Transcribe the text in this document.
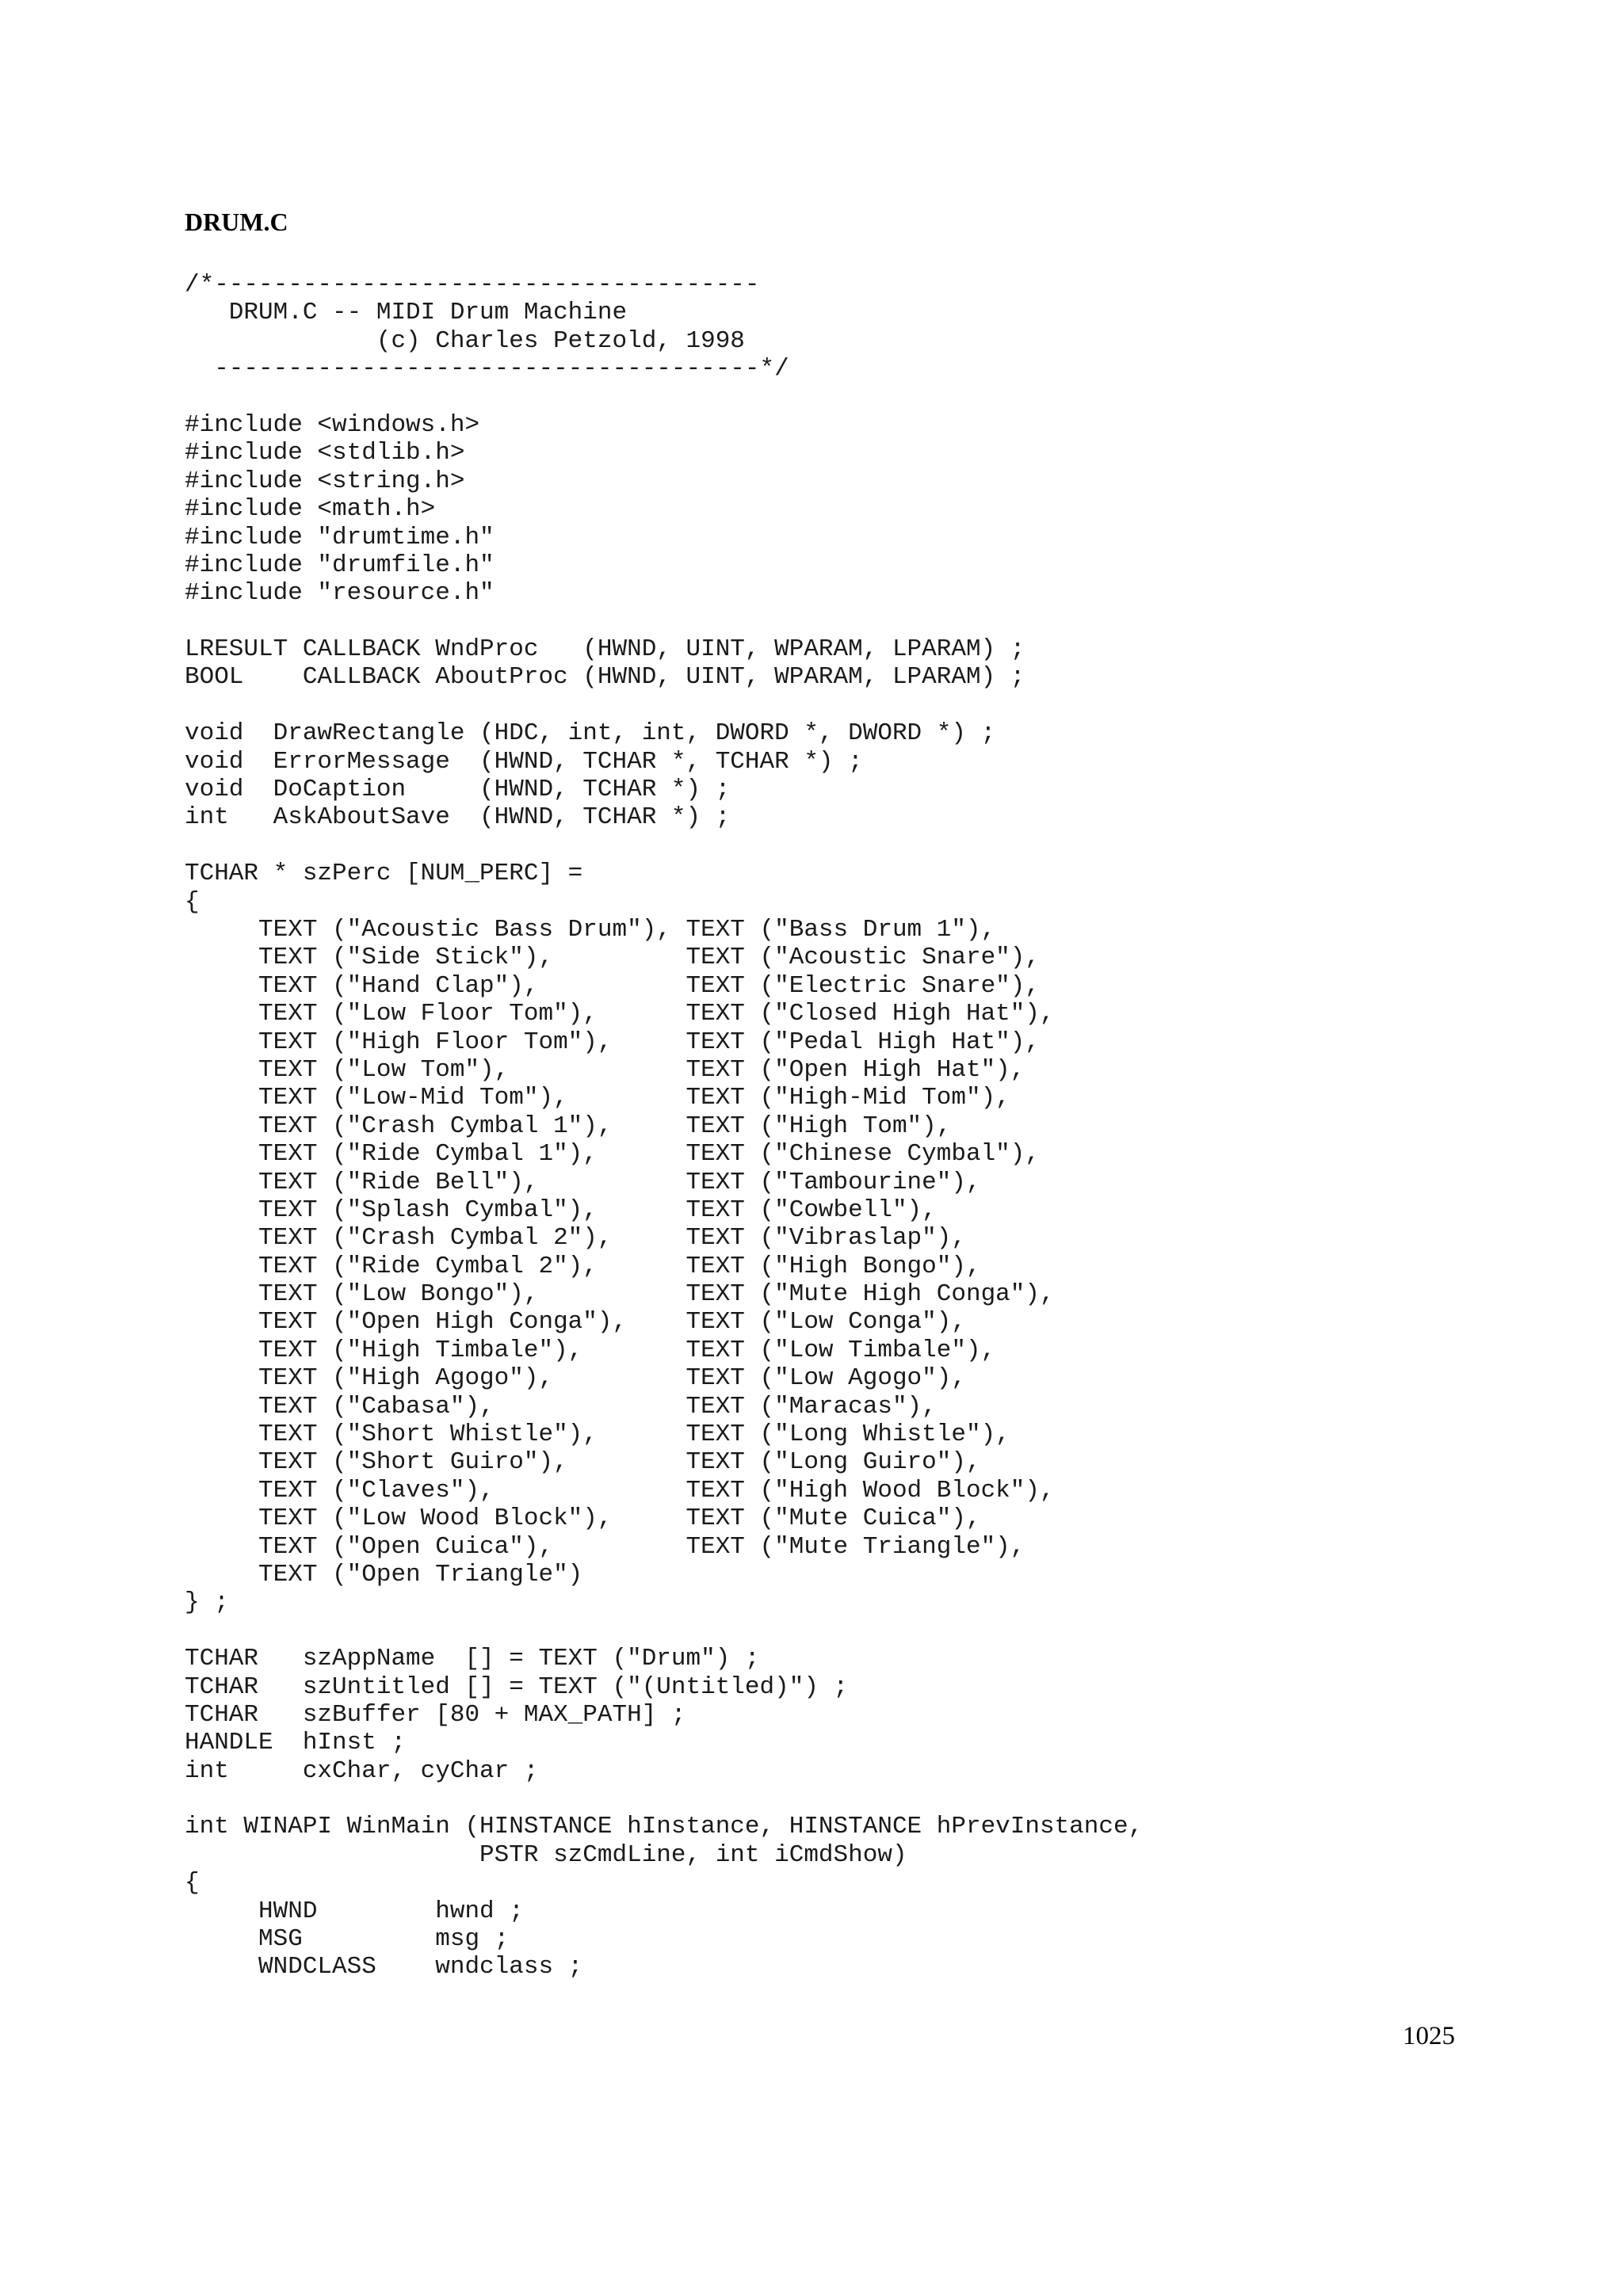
DRUM.C
/*-------------------------------------
DRUM.C -- MIDI Drum Machine
(c) Charles Petzold, 1998
-------------------------------------*/
#include <windows.h>
#include <stdlib.h>
#include <string.h>
#include <math.h>
#include "drumtime.h"
#include "drumfile.h"
#include "resource.h"
LRESULT CALLBACK WndProc   (HWND, UINT, WPARAM, LPARAM) ;
BOOL    CALLBACK AboutProc (HWND, UINT, WPARAM, LPARAM) ;
void  DrawRectangle (HDC, int, int, DWORD *, DWORD *) ;
void  ErrorMessage  (HWND, TCHAR *, TCHAR *) ;
void  DoCaption     (HWND, TCHAR *) ;
int   AskAboutSave  (HWND, TCHAR *) ;
TCHAR * szPerc [NUM_PERC] =
{
TEXT ("Acoustic Bass Drum"), TEXT ("Bass Drum 1"),
TEXT ("Side Stick"),         TEXT ("Acoustic Snare"),
TEXT ("Hand Clap"),          TEXT ("Electric Snare"),
TEXT ("Low Floor Tom"),      TEXT ("Closed High Hat"),
TEXT ("High Floor Tom"),     TEXT ("Pedal High Hat"),
TEXT ("Low Tom"),            TEXT ("Open High Hat"),
TEXT ("Low-Mid Tom"),        TEXT ("High-Mid Tom"),
TEXT ("Crash Cymbal 1"),     TEXT ("High Tom"),
TEXT ("Ride Cymbal 1"),      TEXT ("Chinese Cymbal"),
TEXT ("Ride Bell"),          TEXT ("Tambourine"),
TEXT ("Splash Cymbal"),      TEXT ("Cowbell"),
TEXT ("Crash Cymbal 2"),     TEXT ("Vibraslap"),
TEXT ("Ride Cymbal 2"),      TEXT ("High Bongo"),
TEXT ("Low Bongo"),          TEXT ("Mute High Conga"),
TEXT ("Open High Conga"),    TEXT ("Low Conga"),
TEXT ("High Timbale"),       TEXT ("Low Timbale"),
TEXT ("High Agogo"),         TEXT ("Low Agogo"),
TEXT ("Cabasa"),             TEXT ("Maracas"),
TEXT ("Short Whistle"),      TEXT ("Long Whistle"),
TEXT ("Short Guiro"),        TEXT ("Long Guiro"),
TEXT ("Claves"),             TEXT ("High Wood Block"),
TEXT ("Low Wood Block"),     TEXT ("Mute Cuica"),
TEXT ("Open Cuica"),         TEXT ("Mute Triangle"),
TEXT ("Open Triangle")
} ;
TCHAR   szAppName  [] = TEXT ("Drum") ;
TCHAR   szUntitled [] = TEXT ("(Untitled)") ;
TCHAR   szBuffer [80 + MAX_PATH] ;
HANDLE  hInst ;
int     cxChar, cyChar ;
int WINAPI WinMain (HINSTANCE hInstance, HINSTANCE hPrevInstance,
PSTR szCmdLine, int iCmdShow)
{
HWND        hwnd ;
MSG         msg ;
WNDCLASS    wndclass ;
1025
